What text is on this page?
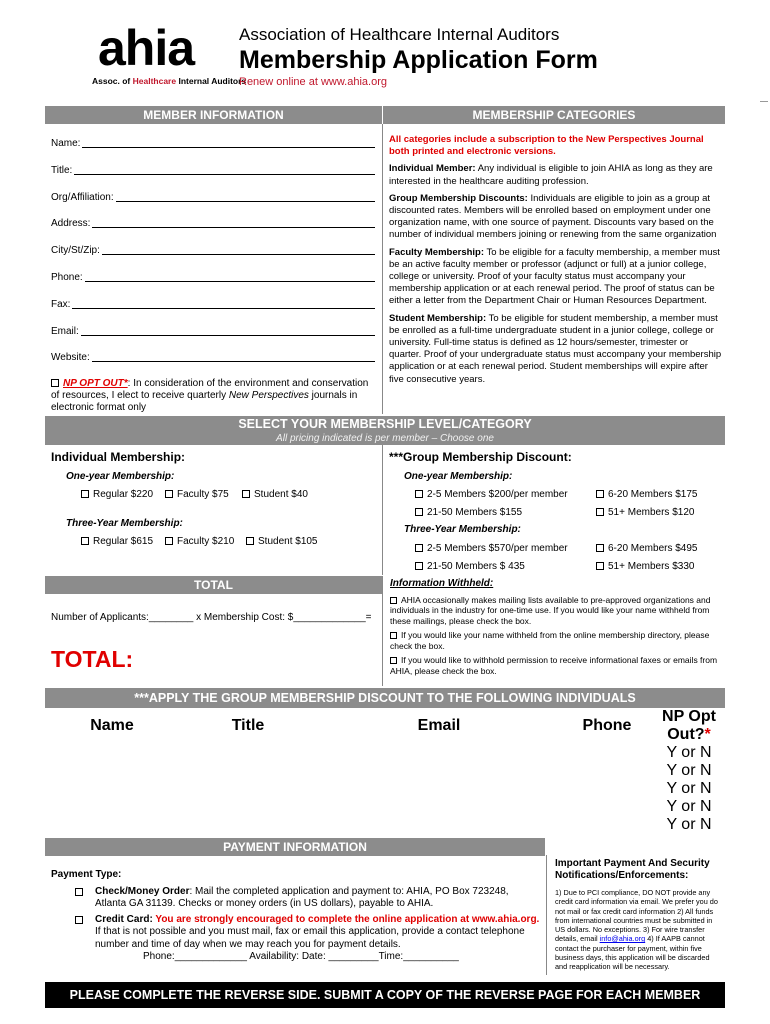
ahia
Assoc. of Healthcare Internal Auditors
Association of Healthcare Internal Auditors
Membership Application Form
Renew online at www.ahia.org
MEMBER INFORMATION	MEMBERSHIP CATEGORIES
Name:
Title:
Org/Affiliation:
Address:
City/St/Zip:
Phone:
Fax:
Email:
Website:
NP OPT OUT*: In consideration of the environment and conservation of resources, I elect to receive quarterly New Perspectives journals in electronic format only
All categories include a subscription to the New Perspectives Journal both printed and electronic versions.
Individual Member: Any individual is eligible to join AHIA as long as they are interested in the healthcare auditing profession.
Group Membership Discounts: Individuals are eligible to join as a group at discounted rates. Members will be enrolled based on employment under one organization name, with one source of payment. Discounts vary based on the number of individual members joining or renewing from the same organization
Faculty Membership: To be eligible for a faculty membership, a member must be an active faculty member or professor (adjunct or full) at a junior college, college or university. Proof of your faculty status must accompany your membership application or at each renewal period. The proof of status can be either a letter from the Department Chair or Human Resources Department.
Student Membership: To be eligible for student membership, a member must be enrolled as a full-time undergraduate student in a junior college, college or university. Full-time status is defined as 12 hours/semester, trimester or quarter. Proof of your undergraduate status must accompany your membership application or at each renewal period. Student memberships will expire after five consecutive years.
SELECT YOUR MEMBERSHIP LEVEL/CATEGORY
All pricing indicated is per member – Choose one
Individual Membership:
One-year Membership:
Regular $220	Faculty $75	Student $40
Three-Year Membership:
Regular $615	Faculty $210	Student $105
***Group Membership Discount:
One-year Membership:
2-5 Members $200/per member	6-20 Members $175
21-50 Members $155	51+ Members $120
Three-Year Membership:
2-5 Members $570/per member	6-20 Members $495
21-50 Members $ 435	51+ Members $330
TOTAL
Number of Applicants:________ x Membership Cost: $_____________=
TOTAL:
Information Withheld:
AHIA occasionally makes mailing lists available to pre-approved organizations and individuals in the industry for one-time use. If you would like your name withheld from these mailings, please check the box.
If you would like your name withheld from the online membership directory, please check the box.
If you would like to withhold permission to receive informational faxes or emails from AHIA, please check the box.
***APPLY THE GROUP MEMBERSHIP DISCOUNT TO THE FOLLOWING INDIVIDUALS
Name	Title	Email	Phone	NP Opt Out?*
				Y or N
				Y or N
				Y or N
				Y or N
				Y or N
PAYMENT INFORMATION
Payment Type:
Check/Money Order: Mail the completed application and payment to: AHIA, PO Box 723248, Atlanta GA 31139. Checks or money orders (in US dollars), payable to AHIA.
Credit Card: You are strongly encouraged to complete the online application at www.ahia.org. If that is not possible and you must mail, fax or email this application, provide a contact telephone number and time of day when we may reach you for payment details.
Phone:_____________ Availability: Date: _________Time:__________
Important Payment And Security Notifications/Enforcements:
1) Due to PCI compliance, DO NOT provide any credit card information via email. We prefer you do not mail or fax credit card information 2) All funds from international countries must be submitted in US dollars. No exceptions. 3) For wire transfer details, email info@ahia.org 4) If AAPB cannot contact the purchaser for payment, within five business days, this application will be discarded and reapplication will be necessary.
PLEASE COMPLETE THE REVERSE SIDE. SUBMIT A COPY OF THE REVERSE PAGE FOR EACH MEMBER
